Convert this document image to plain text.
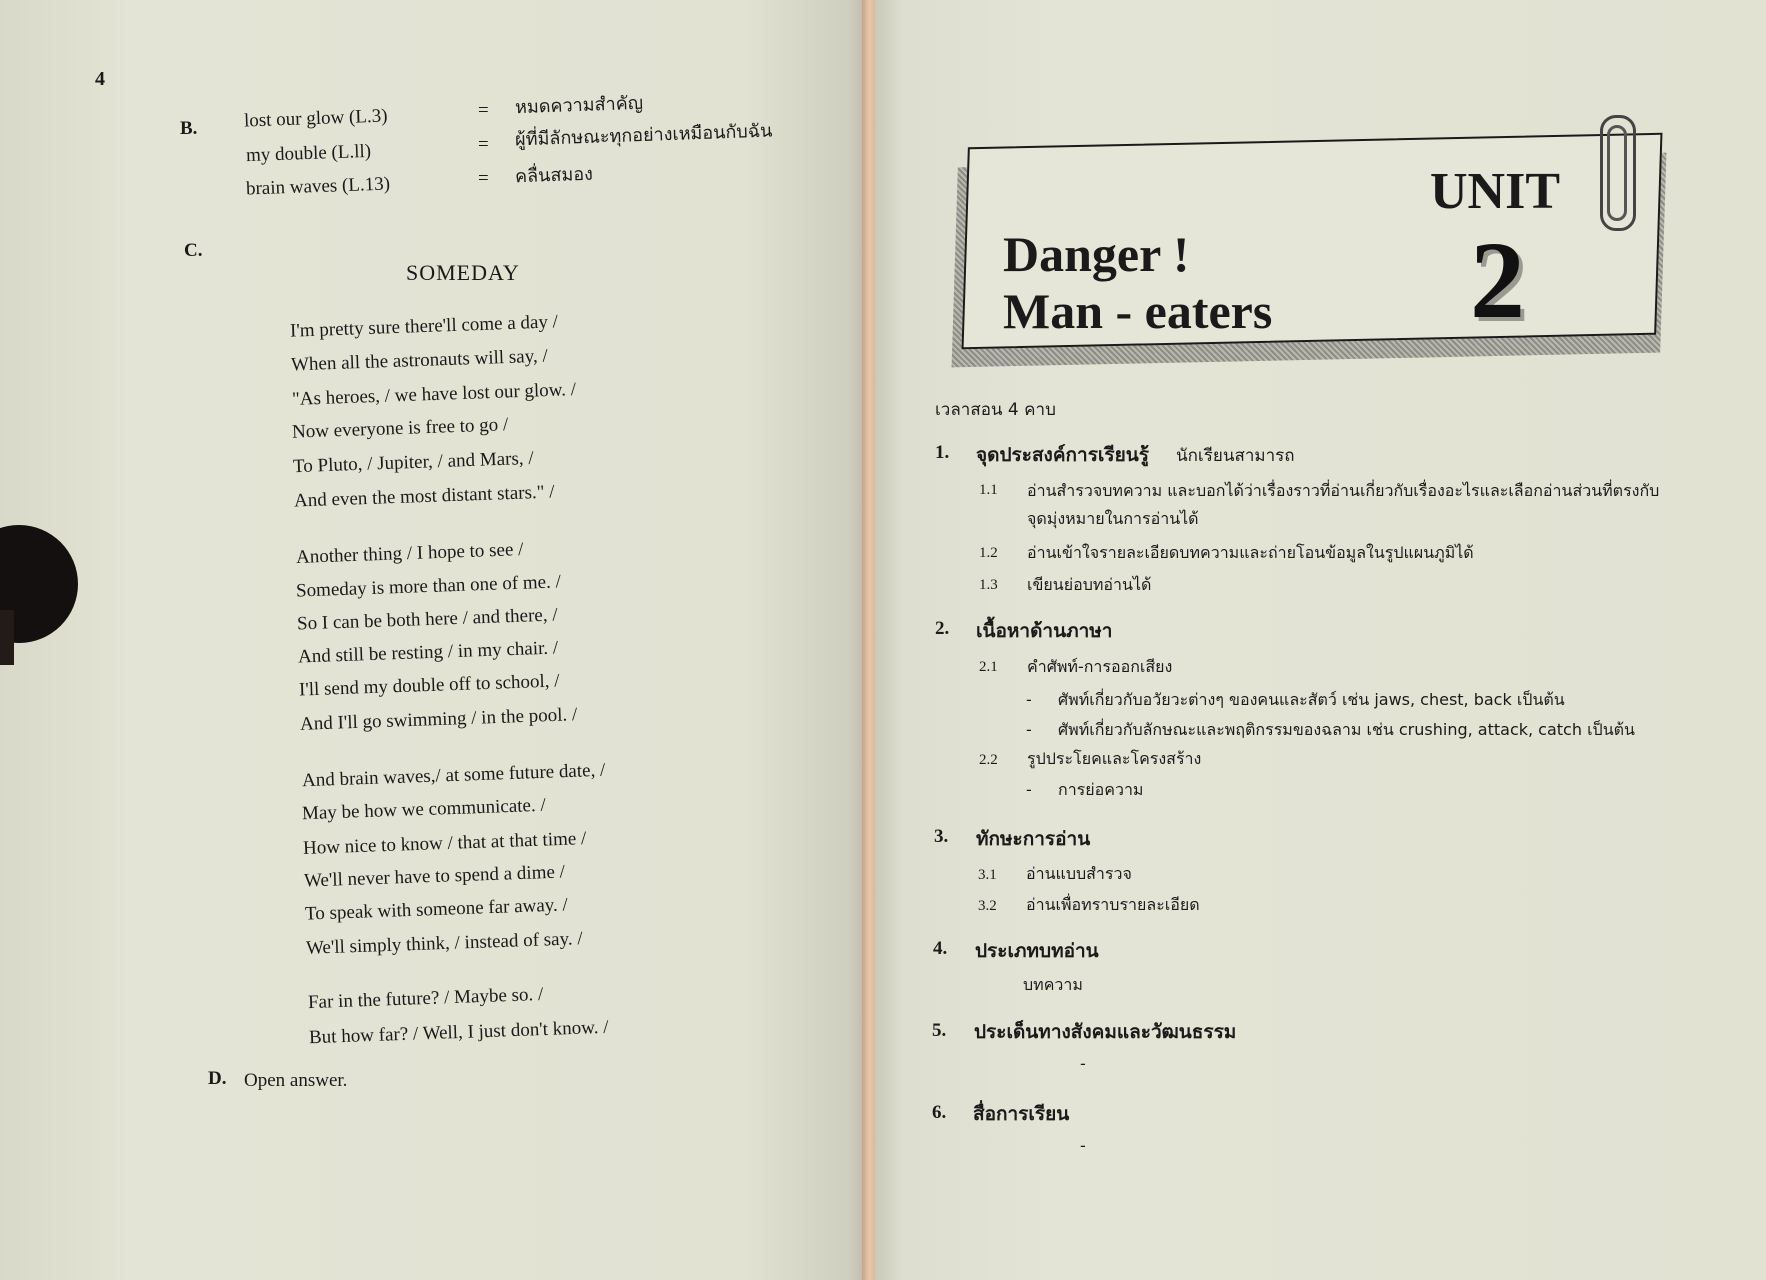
4
B. lost our glow (L.3)	= หมดความสำคัญ
my double (L.ll)	= ผู้ที่มีลักษณะทุกอย่างเหมือนกับฉัน
brain waves (L.13)	= คลื่นสมอง
C.
SOMEDAY
I'm pretty sure there'll come a day /
When all the astronauts will say, /
"As heroes, / we have lost our glow. /
Now everyone is free to go /
To Pluto, / Jupiter, / and Mars, /
And even the most distant stars." /
Another thing / I hope to see /
Someday is more than one of me. /
So I can be both here / and there, /
And still be resting / in my chair. /
I'll send my double off to school, /
And I'll go swimming / in the pool. /
And brain waves,/ at some future date, /
May be how we communicate. /
How nice to know / that at that time /
We'll never have to spend a dime /
To speak with someone far away. /
We'll simply think, / instead of say. /
Far in the future? / Maybe so. /
But how far? / Well, I just don't know. /
D. Open answer.
UNIT
2
Danger !
Man - eaters
เวลาสอน 4 คาบ
1. จุดประสงค์การเรียนรู้ นักเรียนสามารถ
1.1 อ่านสำรวจบทความ และบอกได้ว่าเรื่องราวที่อ่านเกี่ยวกับเรื่องอะไรและเลือกอ่านส่วนที่ตรงกับ
จุดมุ่งหมายในการอ่านได้
1.2 อ่านเข้าใจรายละเอียดบทความและถ่ายโอนข้อมูลในรูปแผนภูมิได้
1.3 เขียนย่อบทอ่านได้
2. เนื้อหาด้านภาษา
2.1 คำศัพท์-การออกเสียง
- ศัพท์เกี่ยวกับอวัยวะต่างๆ ของคนและสัตว์ เช่น jaws, chest, back เป็นต้น
- ศัพท์เกี่ยวกับลักษณะและพฤติกรรมของฉลาม เช่น crushing, attack, catch เป็นต้น
2.2 รูปประโยคและโครงสร้าง
- การย่อความ
3. ทักษะการอ่าน
3.1 อ่านแบบสำรวจ
3.2 อ่านเพื่อทราบรายละเอียด
4. ประเภทบทอ่าน
บทความ
5. ประเด็นทางสังคมและวัฒนธรรม
-
6. สื่อการเรียน
-
